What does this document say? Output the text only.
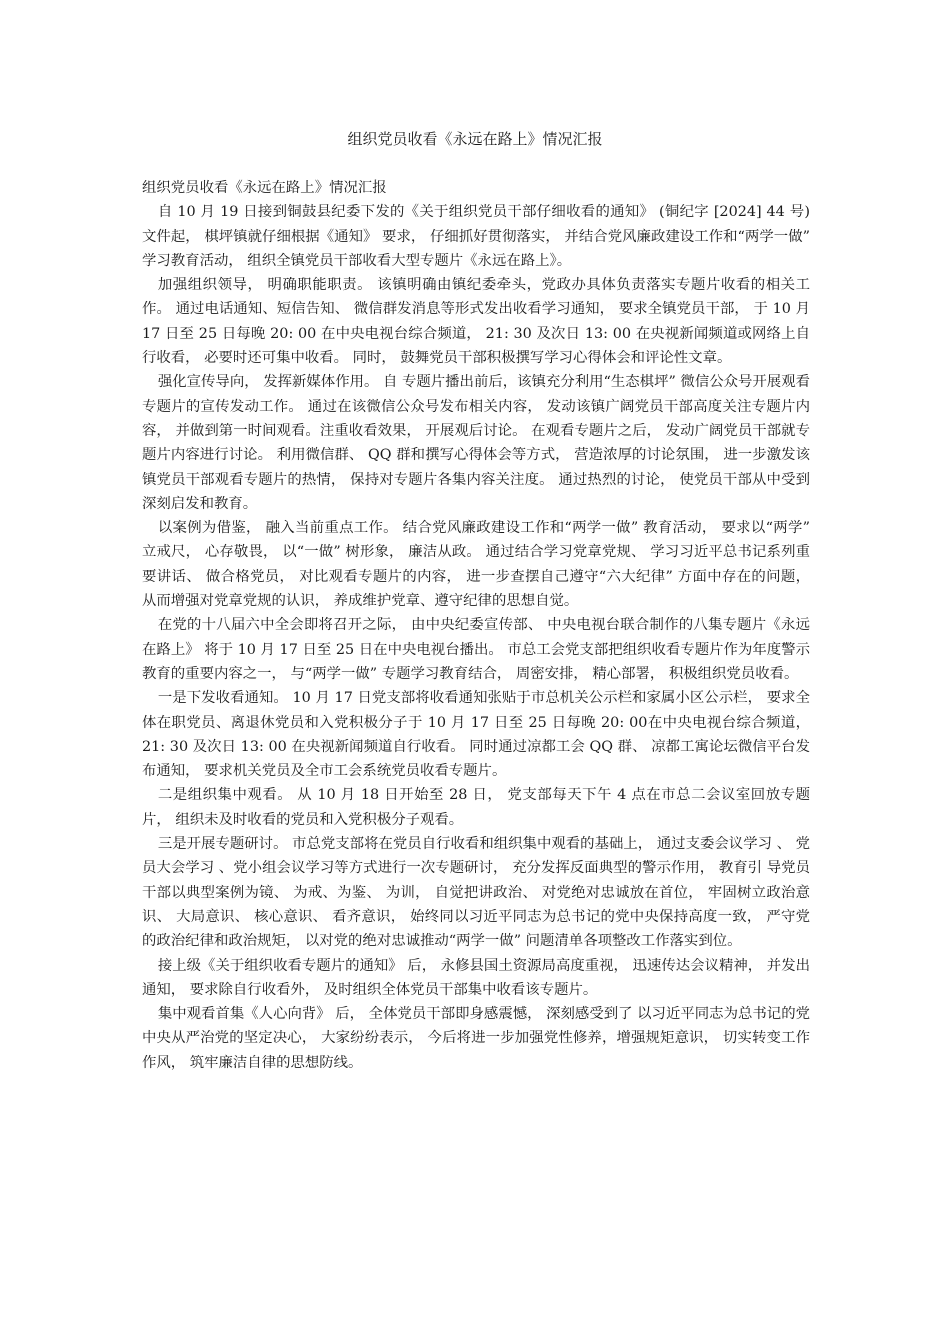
组织党员收看《永远在路上》情况汇报

组织党员收看《永远在路上》情况汇报

自 10 月 19 日接到铜鼓县纪委下发的《关于组织党员干部仔细收看的通知》 (铜纪字 [2024] 44 号) 文件起， 棋坪镇就仔细根据《通知》 要求， 仔细抓好贯彻落实， 并结合党风廉政建设工作和“两学一做” 学习教育活动， 组织全镇党员干部收看大型专题片《永远在路上》。

加强组织领导， 明确职能职责。 该镇明确由镇纪委牵头，党政办具体负责落实专题片收看的相关工作。 通过电话通知、短信告知、 微信群发消息等形式发出收看学习通知， 要求全镇党员干部， 于 10 月 17 日至 25 日每晚 20: 00 在中央电视台综合频道， 21: 30 及次日 13: 00 在央视新闻频道或网络上自行收看， 必要时还可集中收看。 同时， 鼓舞党员干部积极撰写学习心得体会和评论性文章。

强化宣传导向， 发挥新媒体作用。 自 专题片播出前后，该镇充分利用“生态棋坪” 微信公众号开展观看专题片的宣传发动工作。 通过在该微信公众号发布相关内容， 发动该镇广阔党员干部高度关注专题片内容， 并做到第一时间观看。注重收看效果， 开展观后讨论。 在观看专题片之后， 发动广阔党员干部就专题片内容进行讨论。 利用微信群、 QQ 群和撰写心得体会等方式， 营造浓厚的讨论氛围， 进一步激发该镇党员干部观看专题片的热情， 保持对专题片各集内容关注度。 通过热烈的讨论， 使党员干部从中受到深刻启发和教育。

以案例为借鉴， 融入当前重点工作。 结合党风廉政建设工作和“两学一做” 教育活动， 要求以“两学” 立戒尺， 心存敬畏， 以“一做” 树形象， 廉洁从政。 通过结合学习党章党规、 学习习近平总书记系列重要讲话、 做合格党员， 对比观看专题片的内容， 进一步查摆自己遵守“六大纪律” 方面中存在的问题， 从而增强对党章党规的认识， 养成维护党章、遵守纪律的思想自觉。

在党的十八届六中全会即将召开之际， 由中央纪委宣传部、 中央电视台联合制作的八集专题片《永远在路上》 将于 10 月 17 日至 25 日在中央电视台播出。 市总工会党支部把组织收看专题片作为年度警示教育的重要内容之一， 与“两学一做” 专题学习教育结合， 周密安排， 精心部署， 积极组织党员收看。

一是下发收看通知。 10 月 17 日党支部将收看通知张贴于市总机关公示栏和家属小区公示栏， 要求全体在职党员、离退休党员和入党积极分子于 10 月 17 日至 25 日每晚 20: 00在中央电视台综合频道， 21: 30 及次日 13: 00 在央视新闻频道自行收看。 同时通过凉都工会 QQ 群、 凉都工寓论坛微信平台发布通知， 要求机关党员及全市工会系统党员收看专题片。

二是组织集中观看。 从 10 月 18 日开始至 28 日， 党支部每天下午 4 点在市总二会议室回放专题片， 组织未及时收看的党员和入党积极分子观看。

三是开展专题研讨。 市总党支部将在党员自行收看和组织集中观看的基础上， 通过支委会议学习 、 党员大会学习 、党小组会议学习等方式进行一次专题研讨， 充分发挥反面典型的警示作用， 教育引 导党员干部以典型案例为镜、 为戒、为鉴、 为训， 自觉把讲政治、 对党绝对忠诚放在首位， 牢固树立政治意识、 大局意识、 核心意识、 看齐意识， 始终同以习近平同志为总书记的党中央保持高度一致， 严守党的政治纪律和政治规矩， 以对党的绝对忠诚推动“两学一做” 问题清单各项整改工作落实到位。

接上级《关于组织收看专题片的通知》 后， 永修县国土资源局高度重视， 迅速传达会议精神， 并发出通知， 要求除自行收看外， 及时组织全体党员干部集中收看该专题片。

集中观看首集《人心向背》 后， 全体党员干部即身感震憾， 深刻感受到了 以习近平同志为总书记的党中央从严治党的坚定决心， 大家纷纷表示， 今后将进一步加强党性修养，增强规矩意识， 切实转变工作作风， 筑牢廉洁自律的思想防线。
